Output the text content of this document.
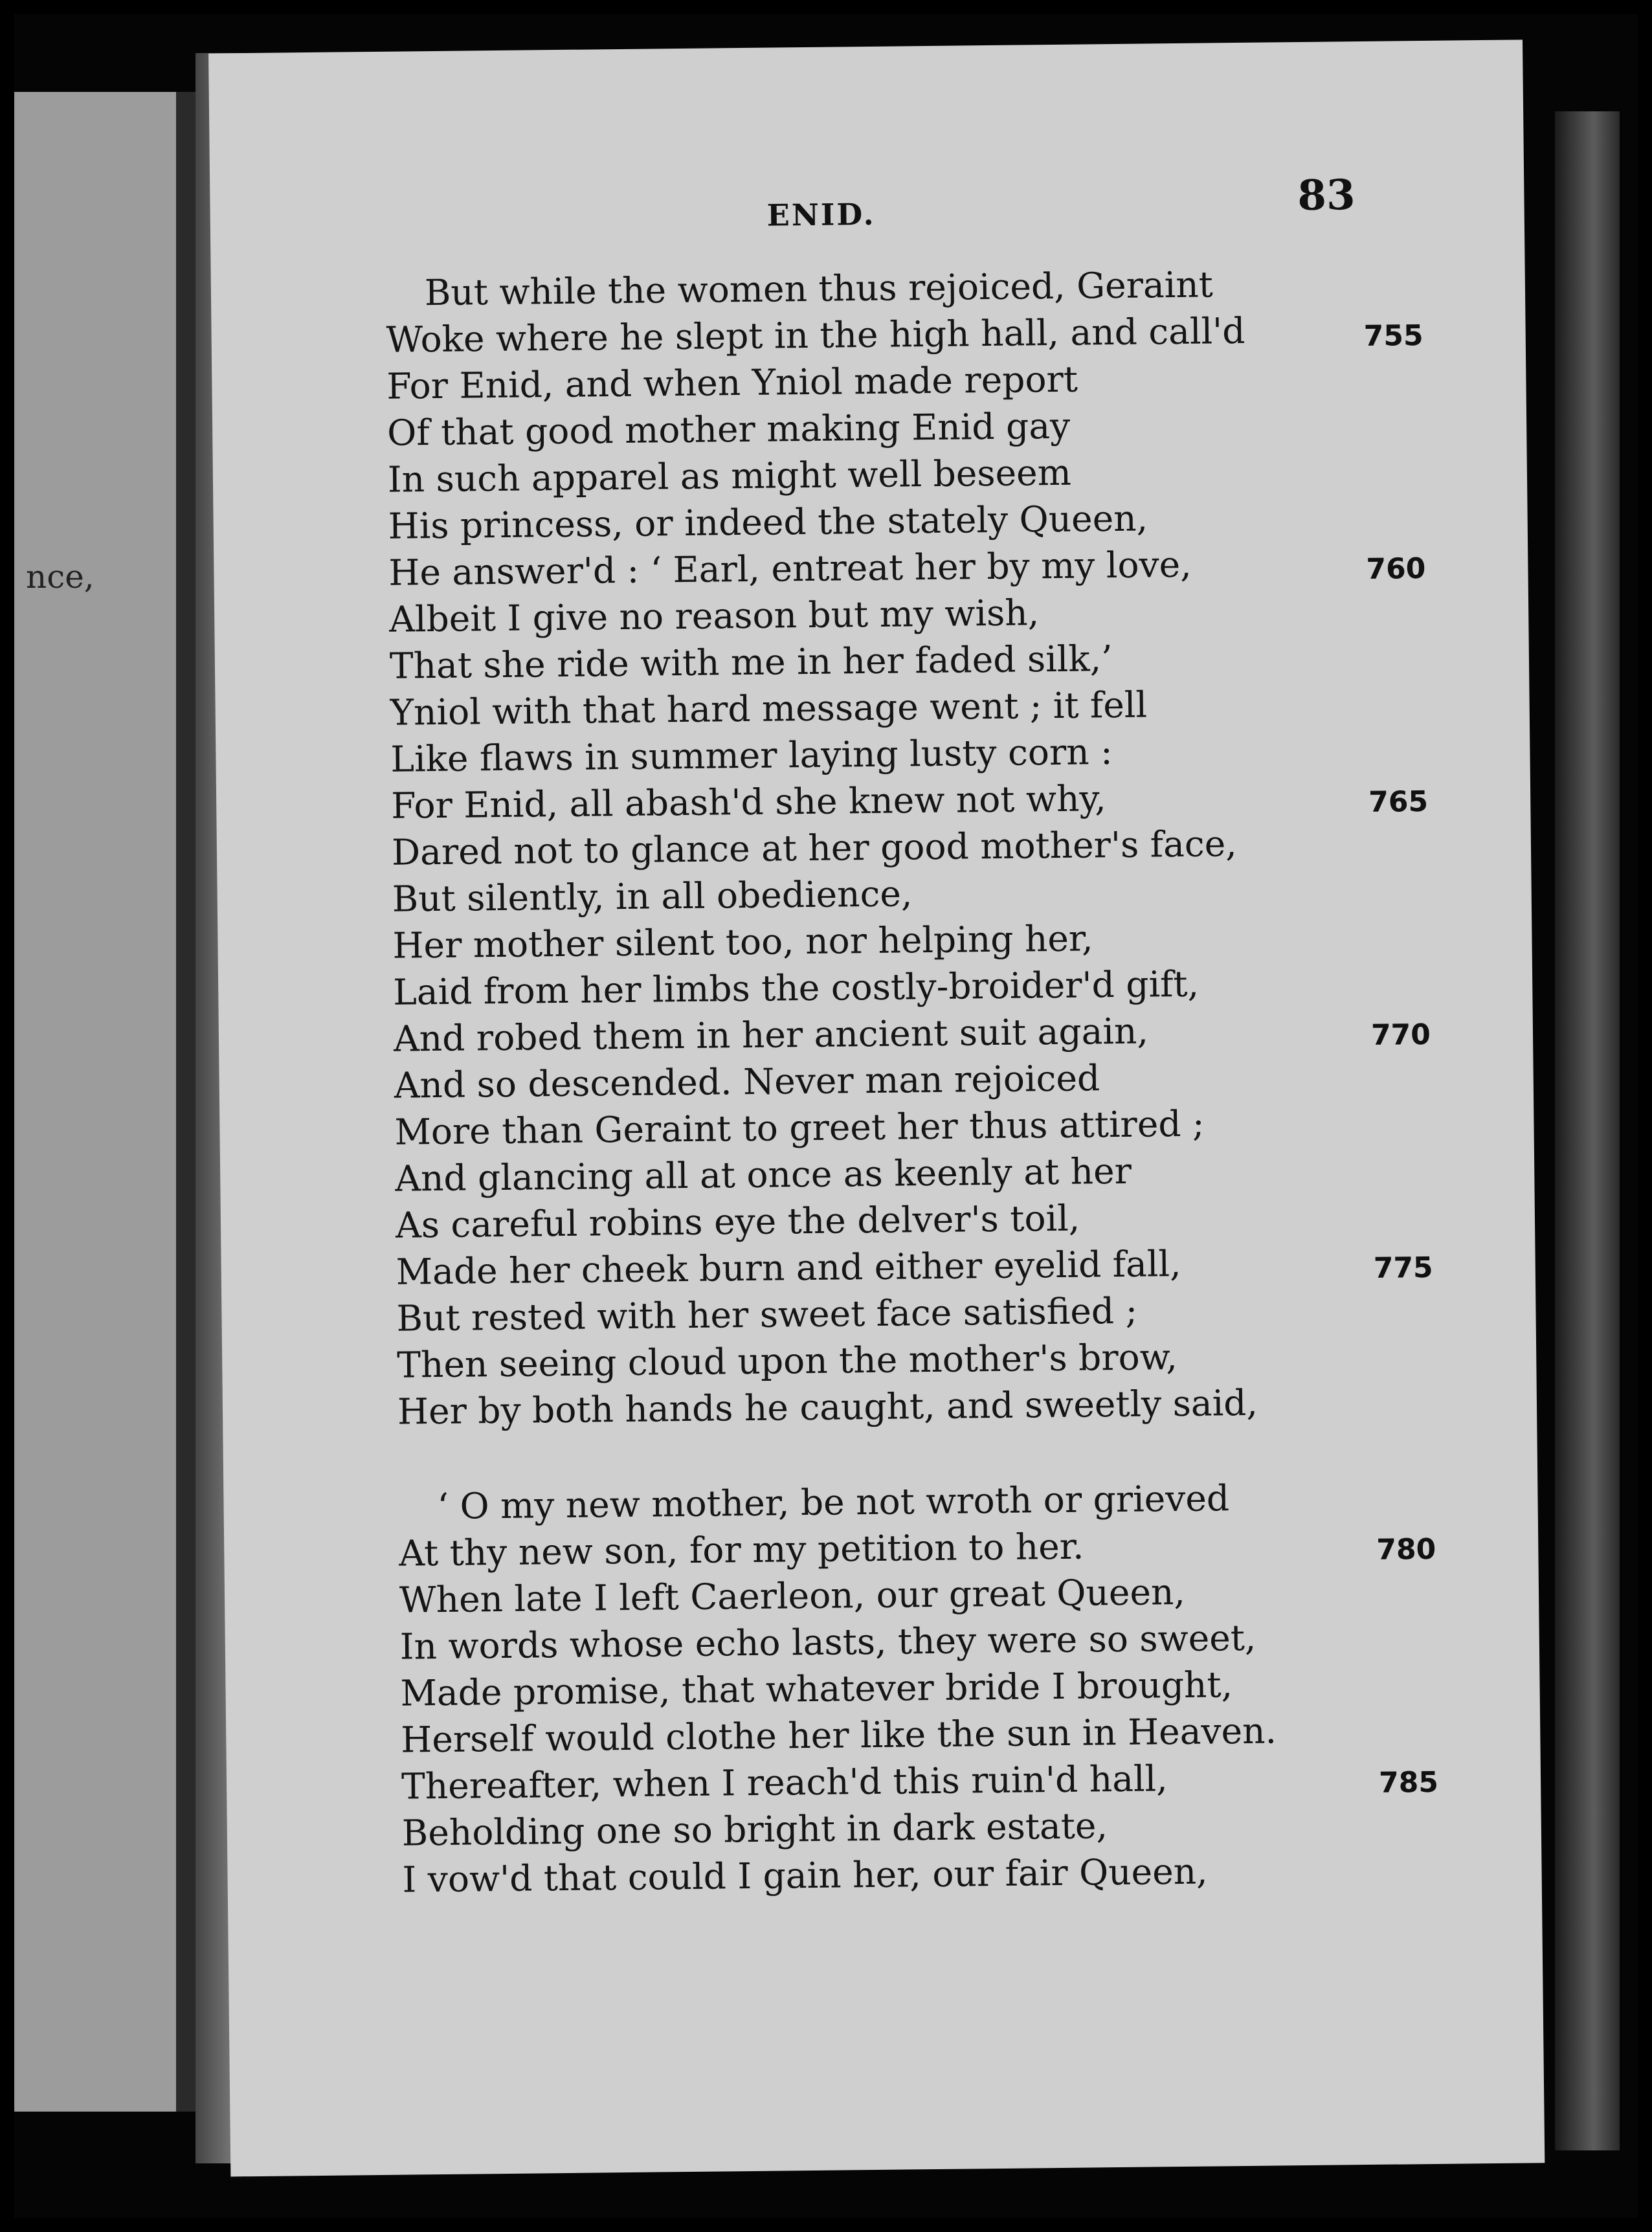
nce,
ENID.	83
But while the women thus rejoiced, Geraint
Woke where he slept in the high hall, and call'd
For Enid, and when Yniol made report
Of that good mother making Enid gay
In such apparel as might well beseem
His princess, or indeed the stately Queen,
He answer'd : ‘ Earl, entreat her by my love,
Albeit I give no reason but my wish,
That she ride with me in her faded silk,’
Yniol with that hard message went ; it fell
Like flaws in summer laying lusty corn :
For Enid, all abash'd she knew not why,
Dared not to glance at her good mother's face,
But silently, in all obedience,
Her mother silent too, nor helping her,
Laid from her limbs the costly-broider'd gift,
And robed them in her ancient suit again,
And so descended. Never man rejoiced
More than Geraint to greet her thus attired ;
And glancing all at once as keenly at her
As careful robins eye the delver's toil,
Made her cheek burn and either eyelid fall,
But rested with her sweet face satisfied ;
Then seeing cloud upon the mother's brow,
Her by both hands he caught, and sweetly said,
‘ O my new mother, be not wroth or grieved
At thy new son, for my petition to her.
When late I left Caerleon, our great Queen,
In words whose echo lasts, they were so sweet,
Made promise, that whatever bride I brought,
Herself would clothe her like the sun in Heaven.
Thereafter, when I reach'd this ruin'd hall,
Beholding one so bright in dark estate,
I vow'd that could I gain her, our fair Queen,
755
760
765
770
775
780
785
